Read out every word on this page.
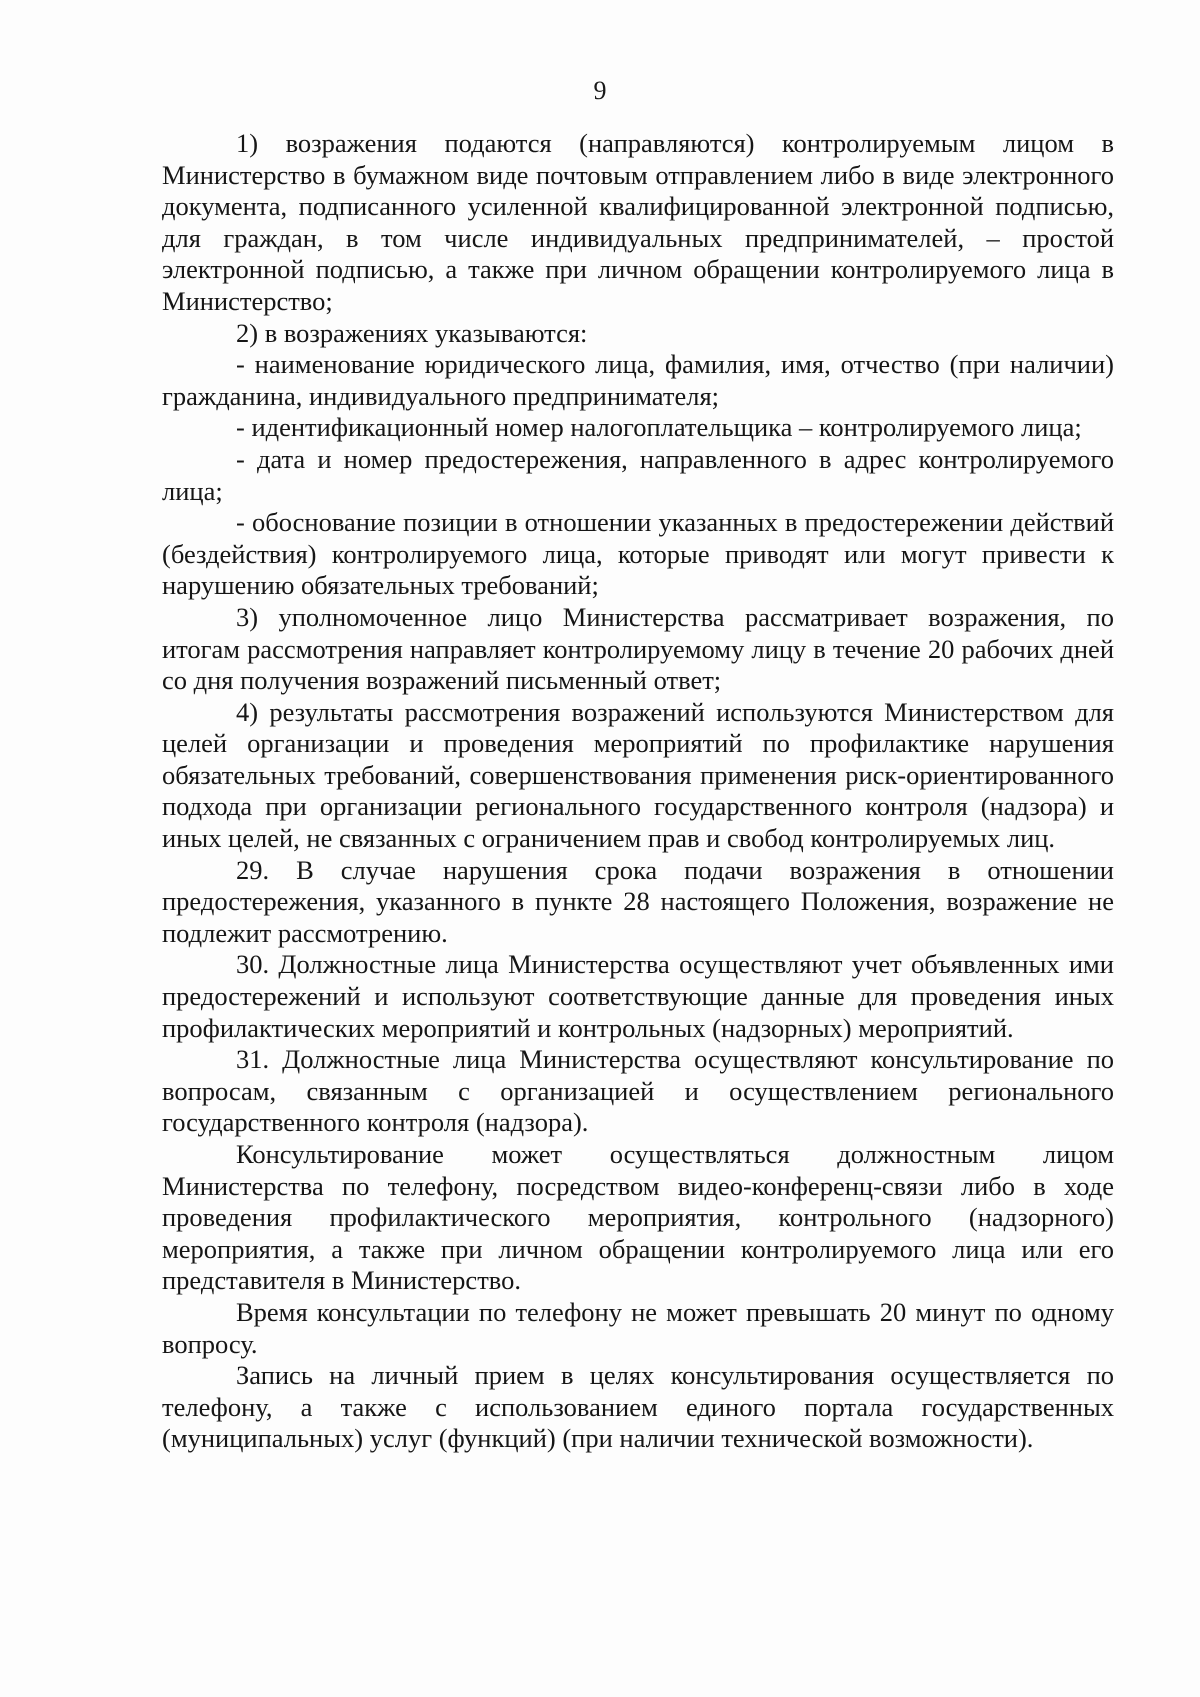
9

1) возражения подаются (направляются) контролируемым лицом в Министерство в бумажном виде почтовым отправлением либо в виде электронного документа, подписанного усиленной квалифицированной электронной подписью, для граждан, в том числе индивидуальных предпринимателей, – простой электронной подписью, а также при личном обращении контролируемого лица в Министерство;

2) в возражениях указываются:

- наименование юридического лица, фамилия, имя, отчество (при наличии) гражданина, индивидуального предпринимателя;

- идентификационный номер налогоплательщика – контролируемого лица;

- дата и номер предостережения, направленного в адрес контролируемого лица;

- обоснование позиции в отношении указанных в предостережении действий (бездействия) контролируемого лица, которые приводят или могут привести к нарушению обязательных требований;

3) уполномоченное лицо Министерства рассматривает возражения, по итогам рассмотрения направляет контролируемому лицу в течение 20 рабочих дней со дня получения возражений письменный ответ;

4) результаты рассмотрения возражений используются Министерством для целей организации и проведения мероприятий по профилактике нарушения обязательных требований, совершенствования применения риск-ориентированного подхода при организации регионального государственного контроля (надзора) и иных целей, не связанных с ограничением прав и свобод контролируемых лиц.

29. В случае нарушения срока подачи возражения в отношении предостережения, указанного в пункте 28 настоящего Положения, возражение не подлежит рассмотрению.

30. Должностные лица Министерства осуществляют учет объявленных ими предостережений и используют соответствующие данные для проведения иных профилактических мероприятий и контрольных (надзорных) мероприятий.

31. Должностные лица Министерства осуществляют консультирование по вопросам, связанным с организацией и осуществлением регионального государственного контроля (надзора).

Консультирование может осуществляться должностным лицом Министерства по телефону, посредством видео-конференц-связи либо в ходе проведения профилактического мероприятия, контрольного (надзорного) мероприятия, а также при личном обращении контролируемого лица или его представителя в Министерство.

Время консультации по телефону не может превышать 20 минут по одному вопросу.

Запись на личный прием в целях консультирования осуществляется по телефону, а также с использованием единого портала государственных (муниципальных) услуг (функций) (при наличии технической возможности).
